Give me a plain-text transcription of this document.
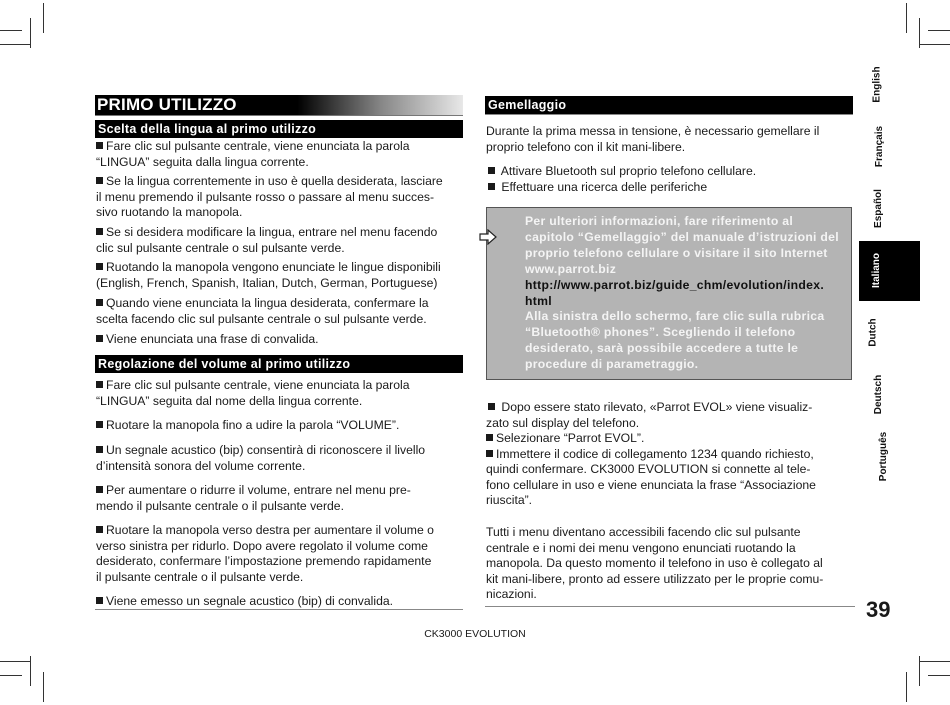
PRIMO UTILIZZO
Scelta della lingua al primo utilizzo
Fare clic sul pulsante centrale, viene enunciata la parola
“LINGUA” seguita dalla lingua corrente.
Se la lingua correntemente in uso è quella desiderata, lasciare
il menu premendo il pulsante rosso o passare al menu succes-
sivo ruotando la manopola.
Se si desidera modificare la lingua, entrare nel menu facendo
clic sul pulsante centrale o sul pulsante verde.
Ruotando la manopola vengono enunciate le lingue disponibili
(English, French, Spanish, Italian, Dutch, German, Portuguese)
Quando viene enunciata la lingua desiderata, confermare la
scelta facendo clic sul pulsante centrale o sul pulsante verde.
Viene enunciata una frase di convalida.
Regolazione del volume al primo utilizzo
Fare clic sul pulsante centrale, viene enunciata la parola
“LINGUA” seguita dal nome della lingua corrente.
Ruotare la manopola fino a udire la parola “VOLUME”.
Un segnale acustico (bip) consentirà di riconoscere il livello
d’intensità sonora del volume corrente.
Per aumentare o ridurre il volume, entrare nel menu pre-
mendo il pulsante centrale o il pulsante verde.
Ruotare la manopola verso destra per aumentare il volume o
verso sinistra per ridurlo. Dopo avere regolato il volume come
desiderato, confermare l’impostazione premendo rapidamente
il pulsante centrale o il pulsante verde.
Viene emesso un segnale acustico (bip) di convalida.
Gemellaggio
Durante la prima messa in tensione, è necessario gemellare il
proprio telefono con il kit mani-libere.
Attivare Bluetooth sul proprio telefono cellulare.
Effettuare una ricerca delle periferiche
Per ulteriori informazioni, fare riferimento al
capitolo “Gemellaggio” del manuale d’istruzioni del
proprio telefono cellulare o visitare il sito Internet
www.parrot.biz
http://www.parrot.biz/guide_chm/evolution/index.
html
Alla sinistra dello schermo, fare clic sulla rubrica
“Bluetooth® phones”. Scegliendo il telefono
desiderato, sarà possibile accedere a tutte le
procedure di parametraggio.
Dopo essere stato rilevato, «Parrot EVOL» viene visualiz-
zato sul display del telefono.
Selezionare “Parrot EVOL”.
Immettere il codice di collegamento 1234 quando richiesto,
quindi confermare. CK3000 EVOLUTION si connette al tele-
fono cellulare in uso e viene enunciata la frase “Associazione
riuscita”.
Tutti i menu diventano accessibili facendo clic sul pulsante
centrale e i nomi dei menu vengono enunciati ruotando la
manopola. Da questo momento il telefono in uso è collegato al
kit mani-libere, pronto ad essere utilizzato per le proprie comu-
nicazioni.
English
Français
Español
Italiano
Dutch
Deutsch
Português
39
CK3000 EVOLUTION
